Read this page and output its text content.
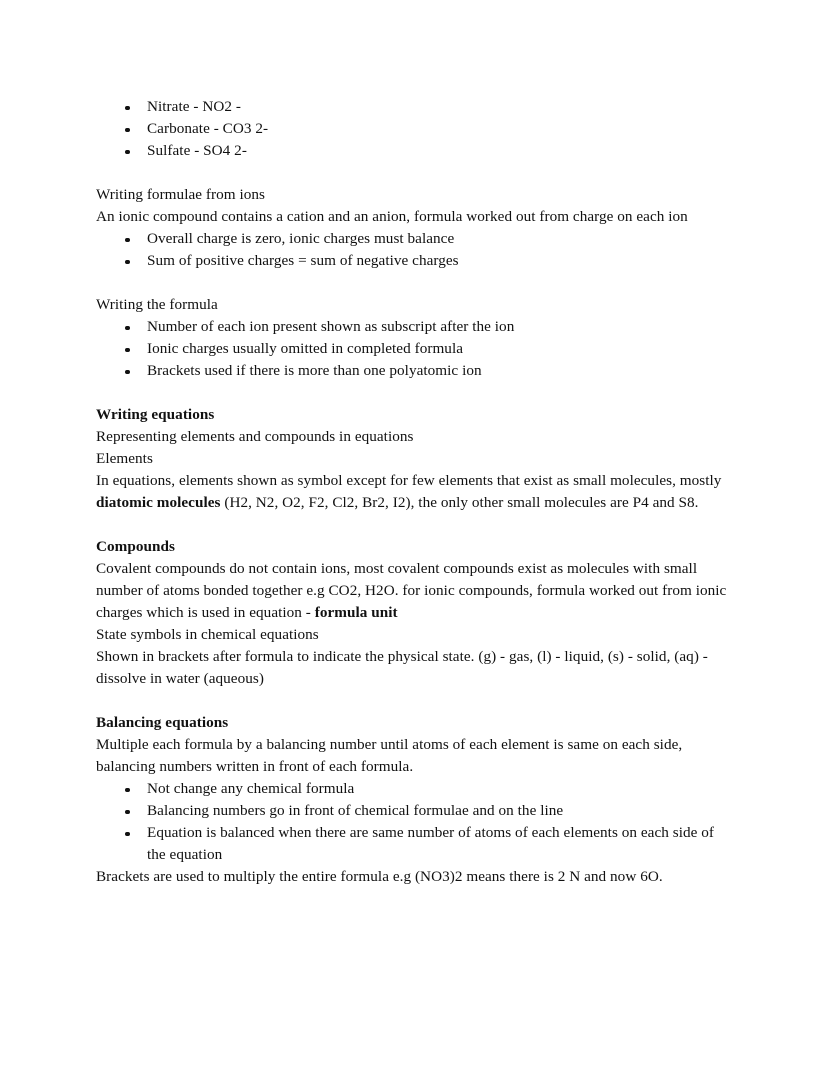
Nitrate - NO2 -
Carbonate - CO3 2-
Sulfate - SO4 2-

Writing formulae from ions

An ionic compound contains a cation and an anion, formula worked out from charge on each ion

Overall charge is zero, ionic charges must balance
Sum of positive charges = sum of negative charges

Writing the formula

Number of each ion present shown as subscript after the ion
Ionic charges usually omitted in completed formula
Brackets used if there is more than one polyatomic ion

Writing equations

Representing elements and compounds in equations

Elements

In equations, elements shown as symbol except for few elements that exist as small molecules, mostly diatomic molecules (H2, N2, O2, F2, Cl2, Br2, I2), the only other small molecules are P4 and S8.

Compounds

Covalent compounds do not contain ions, most covalent compounds exist as molecules with small number of atoms bonded together e.g CO2, H2O. for ionic compounds, formula worked out from ionic charges which is used in equation - formula unit

State symbols in chemical equations

Shown in brackets after formula to indicate the physical state. (g) - gas, (l) - liquid, (s) - solid, (aq) - dissolve in water (aqueous)

Balancing equations

Multiple each formula by a balancing number until atoms of each element is same on each side, balancing numbers written in front of each formula.

Not change any chemical formula
Balancing numbers go in front of chemical formulae and on the line
Equation is balanced when there are same number of atoms of each elements on each side of the equation

Brackets are used to multiply the entire formula e.g (NO3)2 means there is 2 N and now 6O.
